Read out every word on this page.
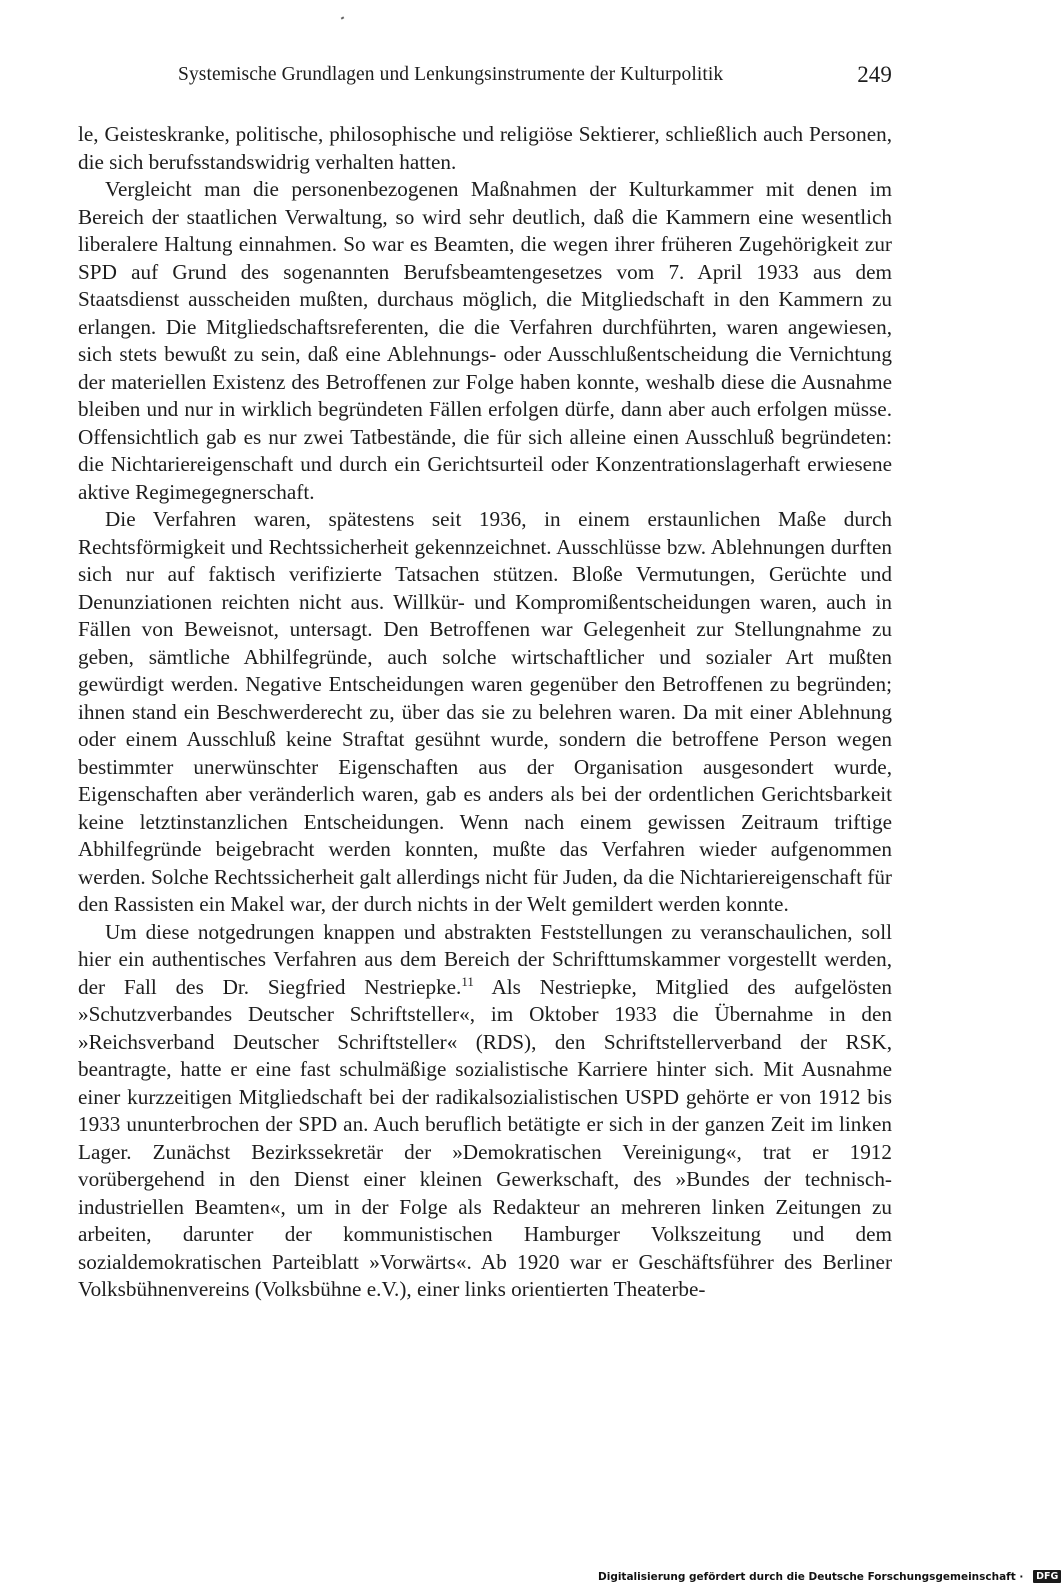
Systemische Grundlagen und Lenkungsinstrumente der Kulturpolitik	249

le, Geisteskranke, politische, philosophische und religiöse Sektierer, schließlich auch Personen, die sich berufsstandswidrig verhalten hatten.

Vergleicht man die personenbezogenen Maßnahmen der Kulturkammer mit denen im Bereich der staatlichen Verwaltung, so wird sehr deutlich, daß die Kammern eine wesentlich liberalere Haltung einnahmen. So war es Beamten, die wegen ihrer früheren Zugehörigkeit zur SPD auf Grund des sogenannten Berufsbeamtengesetzes vom 7. April 1933 aus dem Staatsdienst ausscheiden mußten, durchaus möglich, die Mitgliedschaft in den Kammern zu erlangen. Die Mitgliedschaftsreferenten, die die Verfahren durchführten, waren angewiesen, sich stets bewußt zu sein, daß eine Ablehnungs- oder Ausschlußentscheidung die Vernichtung der materiellen Existenz des Betroffenen zur Folge haben konnte, weshalb diese die Ausnahme bleiben und nur in wirklich begründeten Fällen erfolgen dürfe, dann aber auch erfolgen müsse. Offensichtlich gab es nur zwei Tatbestände, die für sich alleine einen Ausschluß begründeten: die Nichtariereigenschaft und durch ein Gerichtsurteil oder Konzentrationslagerhaft erwiesene aktive Regimegegnerschaft.

Die Verfahren waren, spätestens seit 1936, in einem erstaunlichen Maße durch Rechtsförmigkeit und Rechtssicherheit gekennzeichnet. Ausschlüsse bzw. Ablehnungen durften sich nur auf faktisch verifizierte Tatsachen stützen. Bloße Vermutungen, Gerüchte und Denunziationen reichten nicht aus. Willkür- und Kompromißentscheidungen waren, auch in Fällen von Beweisnot, untersagt. Den Betroffenen war Gelegenheit zur Stellungnahme zu geben, sämtliche Abhilfegründe, auch solche wirtschaftlicher und sozialer Art mußten gewürdigt werden. Negative Entscheidungen waren gegenüber den Betroffenen zu begründen; ihnen stand ein Beschwerderecht zu, über das sie zu belehren waren. Da mit einer Ablehnung oder einem Ausschluß keine Straftat gesühnt wurde, sondern die betroffene Person wegen bestimmter unerwünschter Eigenschaften aus der Organisation ausgesondert wurde, Eigenschaften aber veränderlich waren, gab es anders als bei der ordentlichen Gerichtsbarkeit keine letztinstanzlichen Entscheidungen. Wenn nach einem gewissen Zeitraum triftige Abhilfegründe beigebracht werden konnten, mußte das Verfahren wieder aufgenommen werden. Solche Rechtssicherheit galt allerdings nicht für Juden, da die Nichtariereigenschaft für den Rassisten ein Makel war, der durch nichts in der Welt gemildert werden konnte.

Um diese notgedrungen knappen und abstrakten Feststellungen zu veranschaulichen, soll hier ein authentisches Verfahren aus dem Bereich der Schrifttumskammer vorgestellt werden, der Fall des Dr. Siegfried Nestriepke.$^{11}$ Als Nestriepke, Mitglied des aufgelösten »Schutzverbandes Deutscher Schriftsteller«, im Oktober 1933 die Übernahme in den »Reichsverband Deutscher Schriftsteller« (RDS), den Schriftstellerverband der RSK, beantragte, hatte er eine fast schulmäßige sozialistische Karriere hinter sich. Mit Ausnahme einer kurzzeitigen Mitgliedschaft bei der radikalsozialistischen USPD gehörte er von 1912 bis 1933 ununterbrochen der SPD an. Auch beruflich betätigte er sich in der ganzen Zeit im linken Lager. Zunächst Bezirkssekretär der »Demokratischen Vereinigung«, trat er 1912 vorübergehend in den Dienst einer kleinen Gewerkschaft, des »Bundes der technisch-industriellen Beamten«, um in der Folge als Redakteur an mehreren linken Zeitungen zu arbeiten, darunter der kommunistischen Hamburger Volkszeitung und dem sozialdemokratischen Parteiblatt »Vorwärts«. Ab 1920 war er Geschäftsführer des Berliner Volksbühnenvereins (Volksbühne e.V.), einer links orientierten Theaterbe-

Digitalisierung gefördert durch die Deutsche Forschungsgemeinschaft · DFG
